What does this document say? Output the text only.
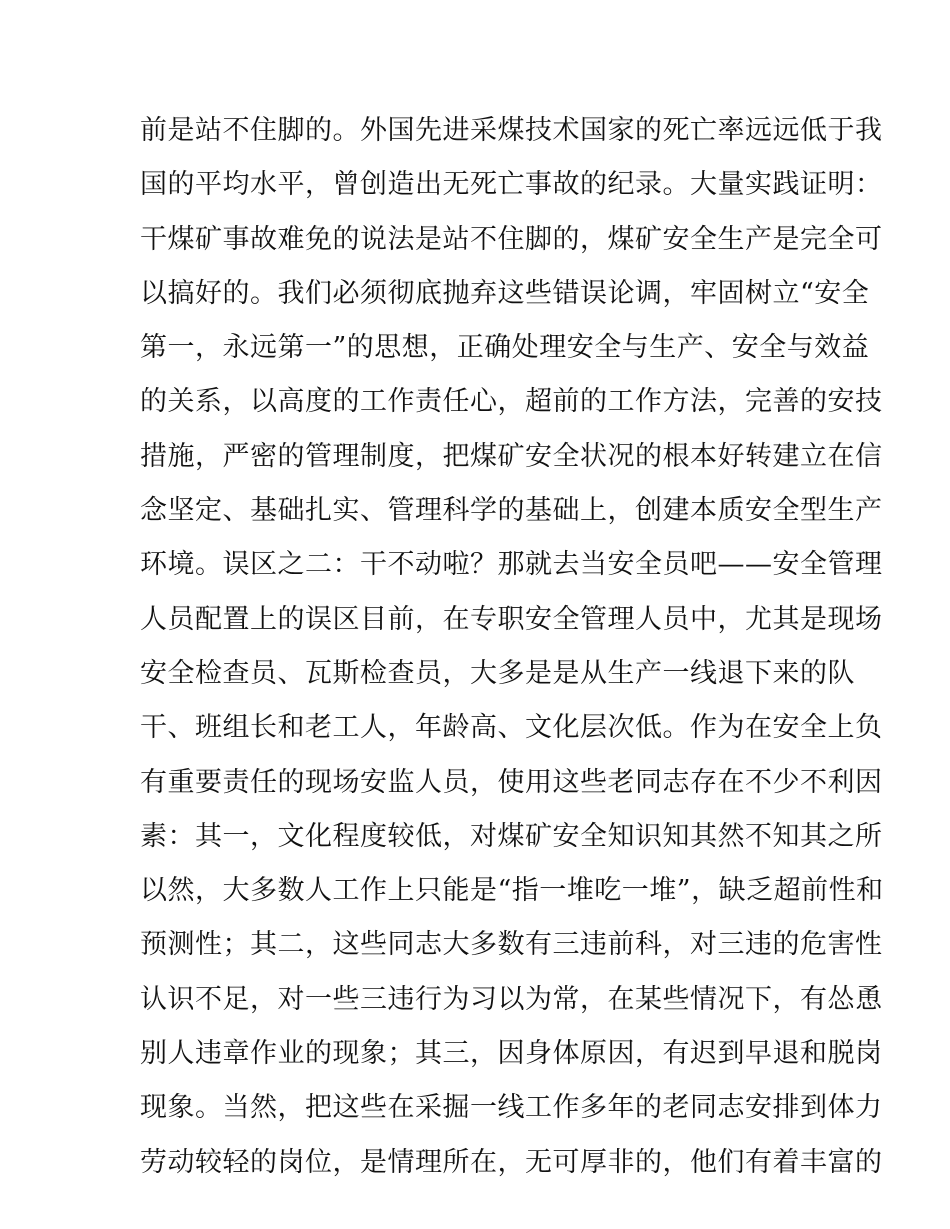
前是站不住脚的。外国先进采煤技术国家的死亡率远远低于我
国的平均水平，曾创造出无死亡事故的纪录。大量实践证明：
干煤矿事故难免的说法是站不住脚的，煤矿安全生产是完全可
以搞好的。我们必须彻底抛弃这些错误论调，牢固树立“安全
第一，永远第一”的思想，正确处理安全与生产、安全与效益
的关系，以高度的工作责任心，超前的工作方法，完善的安技
措施，严密的管理制度，把煤矿安全状况的根本好转建立在信
念坚定、基础扎实、管理科学的基础上，创建本质安全型生产
环境。误区之二：干不动啦？那就去当安全员吧——安全管理
人员配置上的误区目前，在专职安全管理人员中，尤其是现场
安全检查员、瓦斯检查员，大多是是从生产一线退下来的队
干、班组长和老工人，年龄高、文化层次低。作为在安全上负
有重要责任的现场安监人员，使用这些老同志存在不少不利因
素：其一，文化程度较低，对煤矿安全知识知其然不知其之所
以然，大多数人工作上只能是“指一堆吃一堆”，缺乏超前性和
预测性；其二，这些同志大多数有三违前科，对三违的危害性
认识不足，对一些三违行为习以为常，在某些情况下，有怂恿
别人违章作业的现象；其三，因身体原因，有迟到早退和脱岗
现象。当然，把这些在采掘一线工作多年的老同志安排到体力
劳动较轻的岗位，是情理所在，无可厚非的，他们有着丰富的
